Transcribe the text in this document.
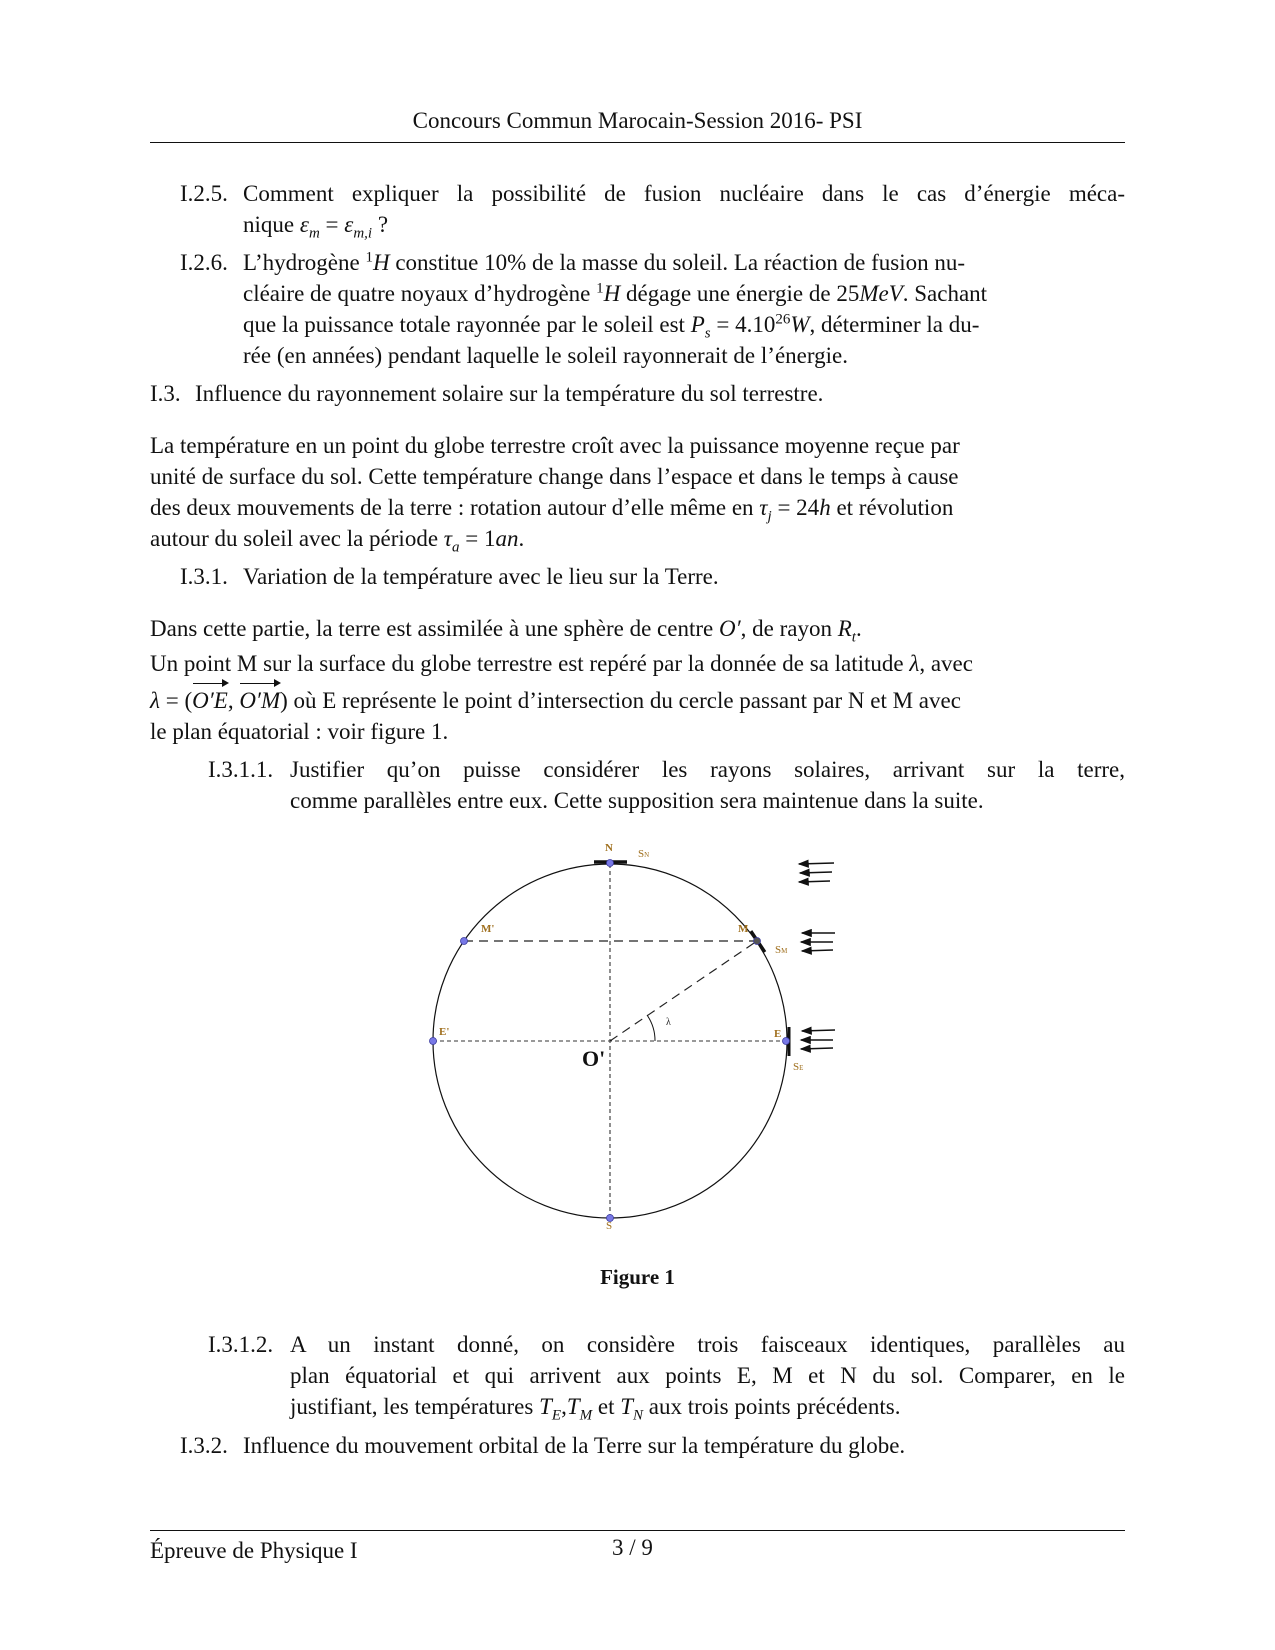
Concours Commun Marocain-Session 2016- PSI
I.2.5. Comment expliquer la possibilité de fusion nucléaire dans le cas d’énergie méca-
nique $\varepsilon_m = \varepsilon_{m,i}$ ?
I.2.6. L’hydrogène $^1$H constitue 10% de la masse du soleil. La réaction de fusion nu-
cléaire de quatre noyaux d’hydrogène $^1$H dégage une énergie de 25MeV. Sachant
que la puissance totale rayonnée par le soleil est $P_s = 4.10^{26}W$, déterminer la du-
rée (en années) pendant laquelle le soleil rayonnerait de l’énergie.
I.3. Influence du rayonnement solaire sur la température du sol terrestre.
La température en un point du globe terrestre croît avec la puissance moyenne reçue par
unité de surface du sol. Cette température change dans l’espace et dans le temps à cause
des deux mouvements de la terre : rotation autour d’elle même en $\tau_j = 24h$ et révolution
autour du soleil avec la période $\tau_a = 1an$.
I.3.1. Variation de la température avec le lieu sur la Terre.
Dans cette partie, la terre est assimilée à une sphère de centre O′, de rayon $R_t$.
Un point M sur la surface du globe terrestre est repéré par la donnée de sa latitude λ, avec
λ = (O′E, O′M) où E représente le point d’intersection du cercle passant par N et M avec
le plan équatorial : voir figure 1.
I.3.1.1. Justifier qu’on puisse considérer les rayons solaires, arrivant sur la terre,
comme parallèles entre eux. Cette supposition sera maintenue dans la suite.
N SN
M'	M
SM
E'	E
SE
S
λ
O'
Figure 1
I.3.1.2. A un instant donné, on considère trois faisceaux identiques, parallèles au
plan équatorial et qui arrivent aux points E, M et N du sol. Comparer, en le
justifiant, les températures $T_E,T_M$ et $T_N$ aux trois points précédents.
I.3.2. Influence du mouvement orbital de la Terre sur la température du globe.
Épreuve de Physique I	3 / 9
